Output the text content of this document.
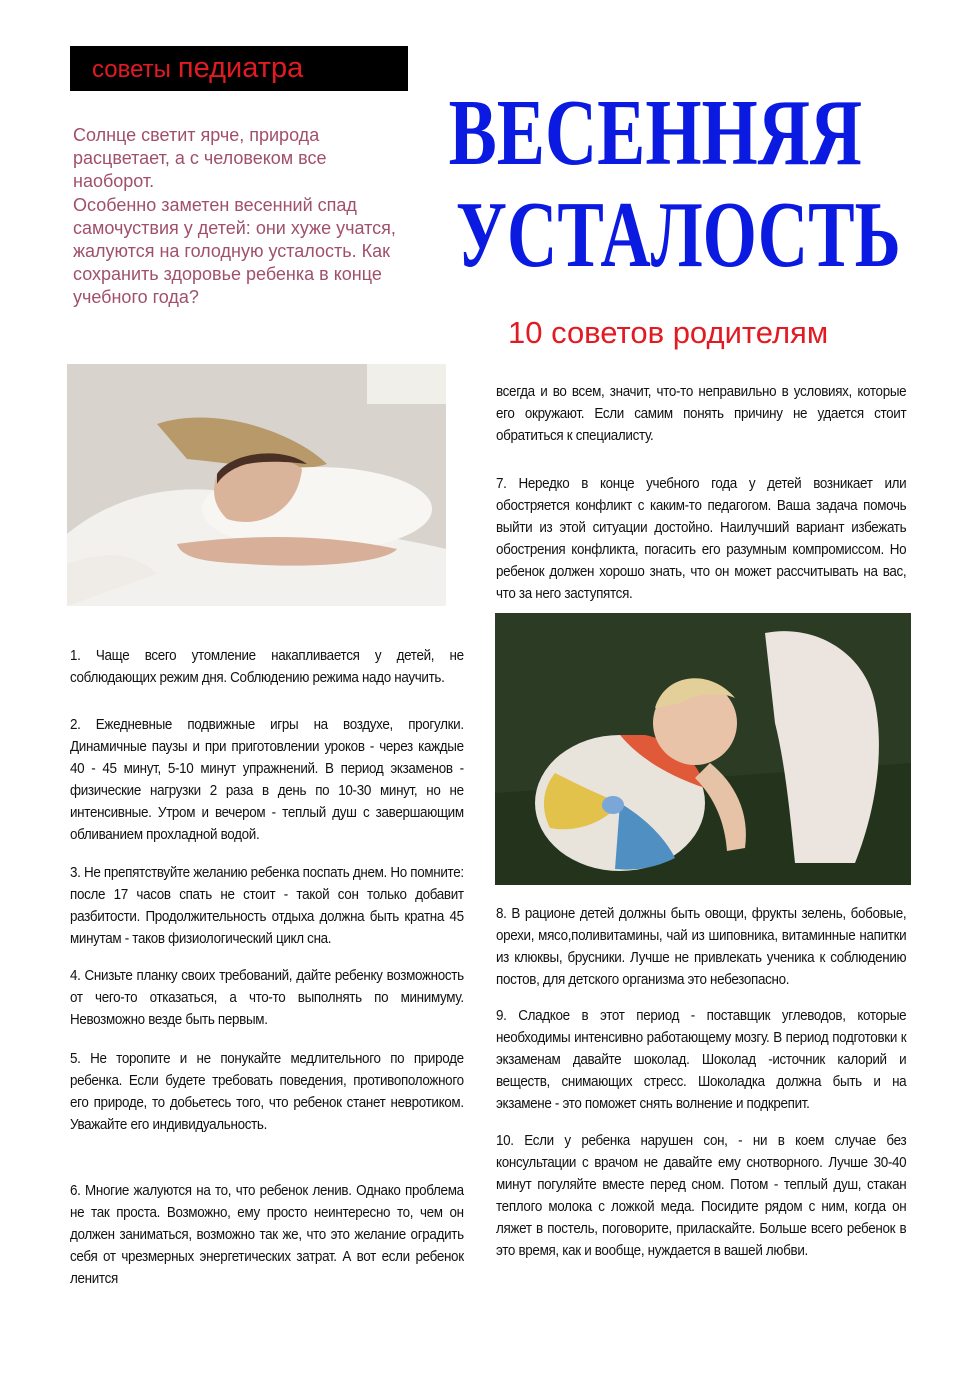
советы педиатра

Солнце светит ярче, природа расцветает, а с человеком все наоборот.

Особенно заметен весенний спад самочуствия у детей: они хуже учатся, жалуются на голодную усталость. Как сохранить здоровье ребенка в конце учебного года?

ВЕСЕННЯЯ
УСТАЛОСТЬ
10 советов родителям
1. Чаще всего утомление накапливается у детей, не соблюдающих режим дня. Соблюдению режима надо научить.
2. Ежедневные подвижные игры на воздухе, прогулки. Динамичные паузы и при приготовлении уроков - через каждые 40 - 45 минут, 5-10 минут упражнений. В период экзаменов - физические нагрузки 2 раза в день по 10-30 минут, но не интенсивные. Утром и вечером - теплый душ с завершающим обливанием прохладной водой.
3. Не препятствуйте желанию ребенка поспать днем. Но помните: после 17 часов спать не стоит - такой сон только добавит разбитости. Продолжительность отдыха должна быть кратна 45 минутам - таков физиологический цикл сна.
4. Снизьте планку своих требований, дайте ребенку возможность от чего-то отказаться, а что-то выполнять по минимуму. Невозможно везде быть первым.
5. Не торопите и не понукайте медлительного по природе ребенка. Если будете требовать поведения, противоположного его природе, то добьетесь того, что ребенок станет невротиком. Уважайте его индивидуальность.
6. Многие жалуются на то, что ребенок ленив. Однако проблема не так проста. Возможно, ему просто неинтересно то, чем он должен заниматься, возможно так же, что это желание оградить себя от чрезмерных энергетических затрат. А вот если ребенок ленится
всегда и во всем, значит, что-то неправильно в условиях, которые его окружают. Если самим понять причину не удается стоит обратиться к специалисту.
7. Нередко в конце учебного года у детей возникает или обостряется конфликт с каким-то педагогом. Ваша задача помочь выйти из этой ситуации достойно. Наилучший вариант избежать обострения конфликта, погасить его разумным компромиссом. Но ребенок должен хорошо знать, что он может рассчитывать на вас, что за него заступятся.
8. В рационе детей должны быть овощи, фрукты зелень, бобовые, орехи, мясо,поливитамины, чай из шиповника, витаминные напитки из клюквы, брусники. Лучше не привлекать ученика к соблюдению постов, для детского организма это небезопасно.
9. Сладкое в этот период - поставщик углеводов, которые необходимы интенсивно работающему мозгу. В период подготовки к экзаменам давайте шоколад. Шоколад -источник калорий и веществ, снимающих стресс. Шоколадка должна быть и на экзамене - это поможет снять волнение и подкрепит.
10. Если у ребенка нарушен сон, - ни в коем случае без консультации с врачом не давайте ему снотворного. Лучше 30-40 минут погуляйте вместе перед сном. Потом - теплый душ, стакан теплого молока с ложкой меда. Посидите рядом с ним, когда он ляжет в постель, поговорите, приласкайте. Больше всего ребенок в это время, как и вообще, нуждается в вашей любви.
